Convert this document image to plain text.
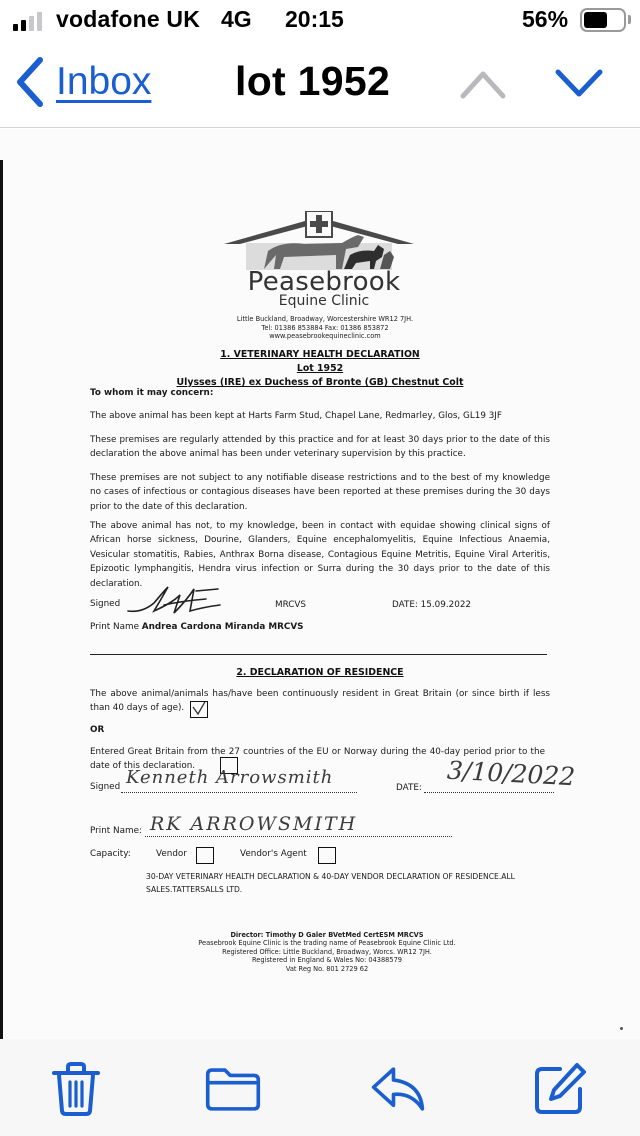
vodafone UK 4G 20:15	56%
Inbox lot 1952
Peasebrook
Equine Clinic
Little Buckland, Broadway, Worcestershire WR12 7JH.
Tel: 01386 853884 Fax: 01386 853872
www.peasebrookequineclinic.com
1. VETERINARY HEALTH DECLARATION
Lot 1952
Ulysses (IRE) ex Duchess of Bronte (GB) Chestnut Colt
To whom it may concern:
The above animal has been kept at Harts Farm Stud, Chapel Lane, Redmarley, Glos, GL19 3JF
These premises are regularly attended by this practice and for at least 30 days prior to the date of this declaration the above animal has been under veterinary supervision by this practice.
These premises are not subject to any notifiable disease restrictions and to the best of my knowledge no cases of infectious or contagious diseases have been reported at these premises during the 30 days prior to the date of this declaration.
The above animal has not, to my knowledge, been in contact with equidae showing clinical signs of African horse sickness, Dourine, Glanders, Equine encephalomyelitis, Equine Infectious Anaemia, Vesicular stomatitis, Rabies, Anthrax Borna disease, Contagious Equine Metritis, Equine Viral Arteritis, Epizootic lymphangitis, Hendra virus infection or Surra during the 30 days prior to the date of this declaration.
Signed	MRCVS	DATE: 15.09.2022
Print Name Andrea Cardona Miranda MRCVS
2. DECLARATION OF RESIDENCE
The above animal/animals has/have been continuously resident in Great Britain (or since birth if less than 40 days of age).
OR
Entered Great Britain from the 27 countries of the EU or Norway during the 40-day period prior to the date of this declaration.
Signed Kenneth Arrowsmith	DATE: 3/10/2022
Print Name: RK ARROWSMITH
Capacity:	Vendor	Vendor's Agent
30-DAY VETERINARY HEALTH DECLARATION & 40-DAY VENDOR DECLARATION OF RESIDENCE.ALL SALES.TATTERSALLS LTD.
Director: Timothy D Galer BVetMed CertESM MRCVS
Peasebrook Equine Clinic is the trading name of Peasebrook Equine Clinic Ltd.
Registered Office: Little Buckland, Broadway, Worcs. WR12 7JH.
Registered in England & Wales No: 04388579
Vat Reg No. 801 2729 62
